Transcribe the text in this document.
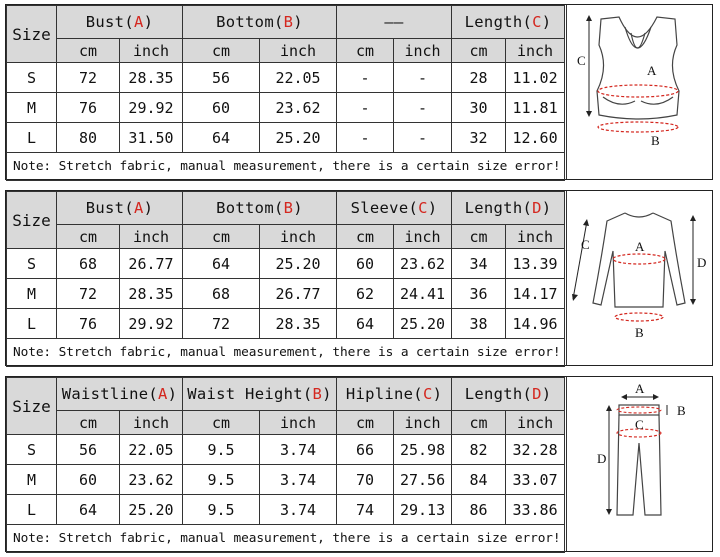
Size	Bust(A)		Bottom(B)		——		Length(C)	
	cm	inch	cm	inch	cm	inch	cm	inch
S	72	28.35	56	22.05	-	-	28	11.02
M	76	29.92	60	23.62	-	-	30	11.81
L	80	31.50	64	25.20	-	-	32	12.60
Note: Stretch fabric, manual measurement, there is a certain size error!								
C
A
B
Size	Bust(A)		Bottom(B)		Sleeve(C)		Length(D)	
	cm	inch	cm	inch	cm	inch	cm	inch
S	68	26.77	64	25.20	60	23.62	34	13.39
M	72	28.35	68	26.77	62	24.41	36	14.17
L	76	29.92	72	28.35	64	25.20	38	14.96
Note: Stretch fabric, manual measurement, there is a certain size error!								
C	A
D
B
Size	Waistline(A)		Waist Height(B)		Hipline(C)		Length(D)	
	cm	inch	cm	inch	cm	inch	cm	inch
S	56	22.05	9.5	3.74	66	25.98	82	32.28
M	60	23.62	9.5	3.74	70	27.56	84	33.07
L	64	25.20	9.5	3.74	74	29.13	86	33.86
Note: Stretch fabric, manual measurement, there is a certain size error!								
A
B
C
D
